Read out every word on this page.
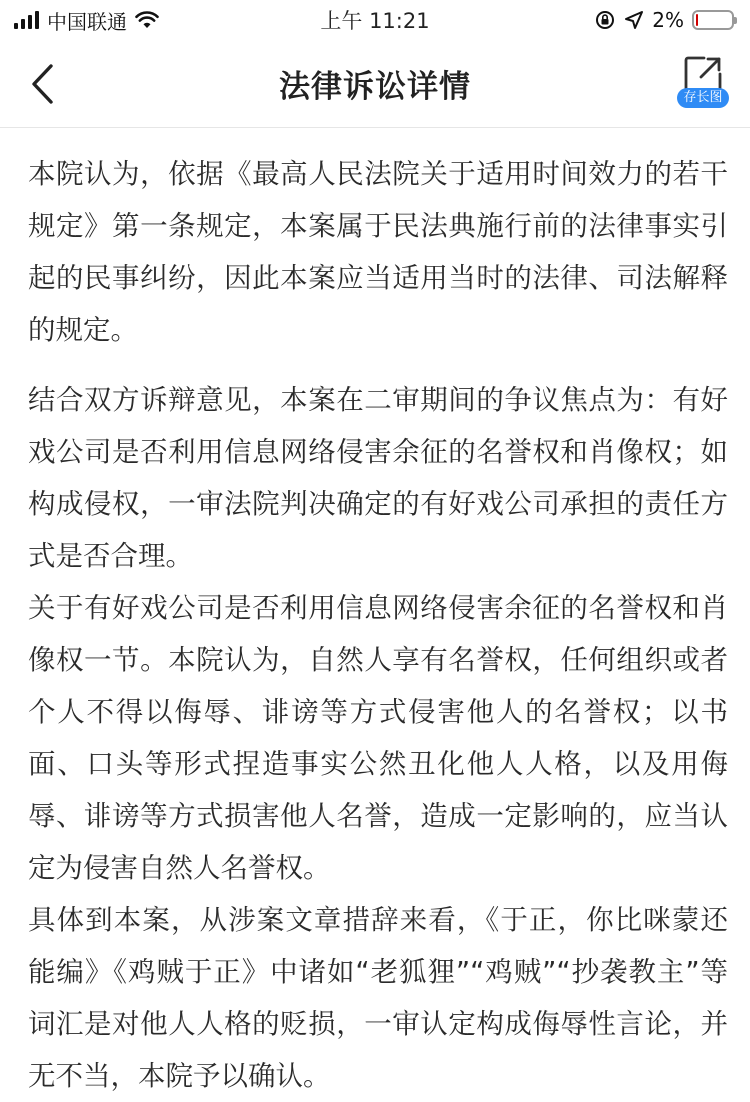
中国联通	2%
上午 11:21
法律诉讼详情	存长图

本院认为，依据《最高人民法院关于适用时间效力的若干规定》第一条规定，本案属于民法典施行前的法律事实引起的民事纠纷，因此本案应当适用当时的法律、司法解释的规定。

结合双方诉辩意见，本案在二审期间的争议焦点为：有好戏公司是否利用信息网络侵害余征的名誉权和肖像权；如构成侵权，一审法院判决确定的有好戏公司承担的责任方式是否合理。

关于有好戏公司是否利用信息网络侵害余征的名誉权和肖像权一节。本院认为，自然人享有名誉权，任何组织或者个人不得以侮辱、诽谤等方式侵害他人的名誉权；以书面、口头等形式捏造事实公然丑化他人人格，以及用侮辱、诽谤等方式损害他人名誉，造成一定影响的，应当认定为侵害自然人名誉权。

具体到本案，从涉案文章措辞来看，《于正，你比咪蒙还能编》《鸡贼于正》中诸如“老狐狸”“鸡贼”“抄袭教主”等词汇是对他人人格的贬损，一审认定构成侮辱性言论，并无不当，本院予以确认。
